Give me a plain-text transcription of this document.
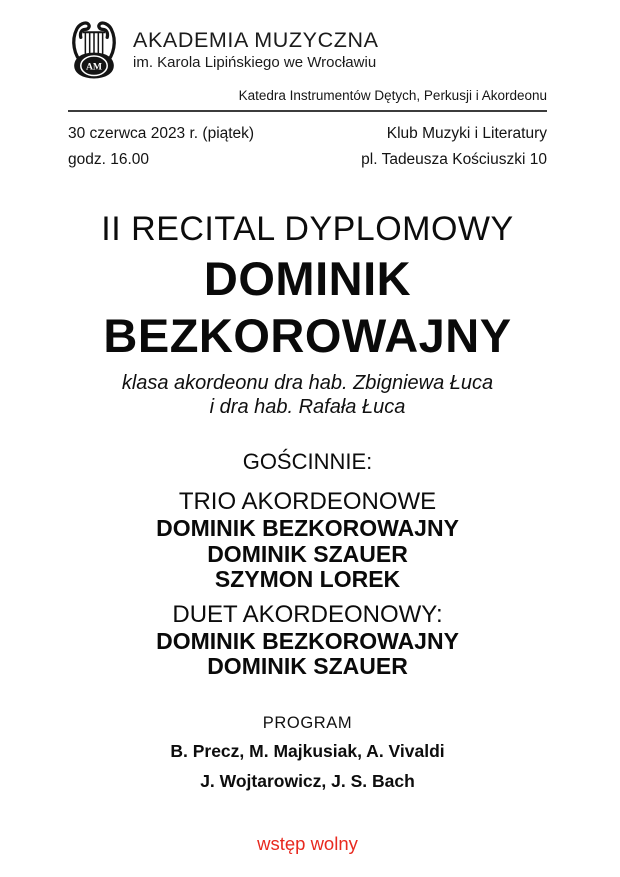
AM
AKADEMIA MUZYCZNA
im. Karola Lipińskiego we Wrocławiu
Katedra Instrumentów Dętych, Perkusji i Akordeonu
30 czerwca 2023 r. (piątek)
godz. 16.00
Klub Muzyki i Literatury
pl. Tadeusza Kościuszki 10
II RECITAL DYPLOMOWY
DOMINIK
BEZKOROWAJNY
klasa akordeonu dra hab. Zbigniewa Łuca
i dra hab. Rafała Łuca
GOŚCINNIE:
TRIO AKORDEONOWE
DOMINIK BEZKOROWAJNY
DOMINIK SZAUER
SZYMON LOREK
DUET AKORDEONOWY:
DOMINIK BEZKOROWAJNY
DOMINIK SZAUER
PROGRAM
B. Precz, M. Majkusiak, A. Vivaldi
J. Wojtarowicz, J. S. Bach
wstęp wolny
